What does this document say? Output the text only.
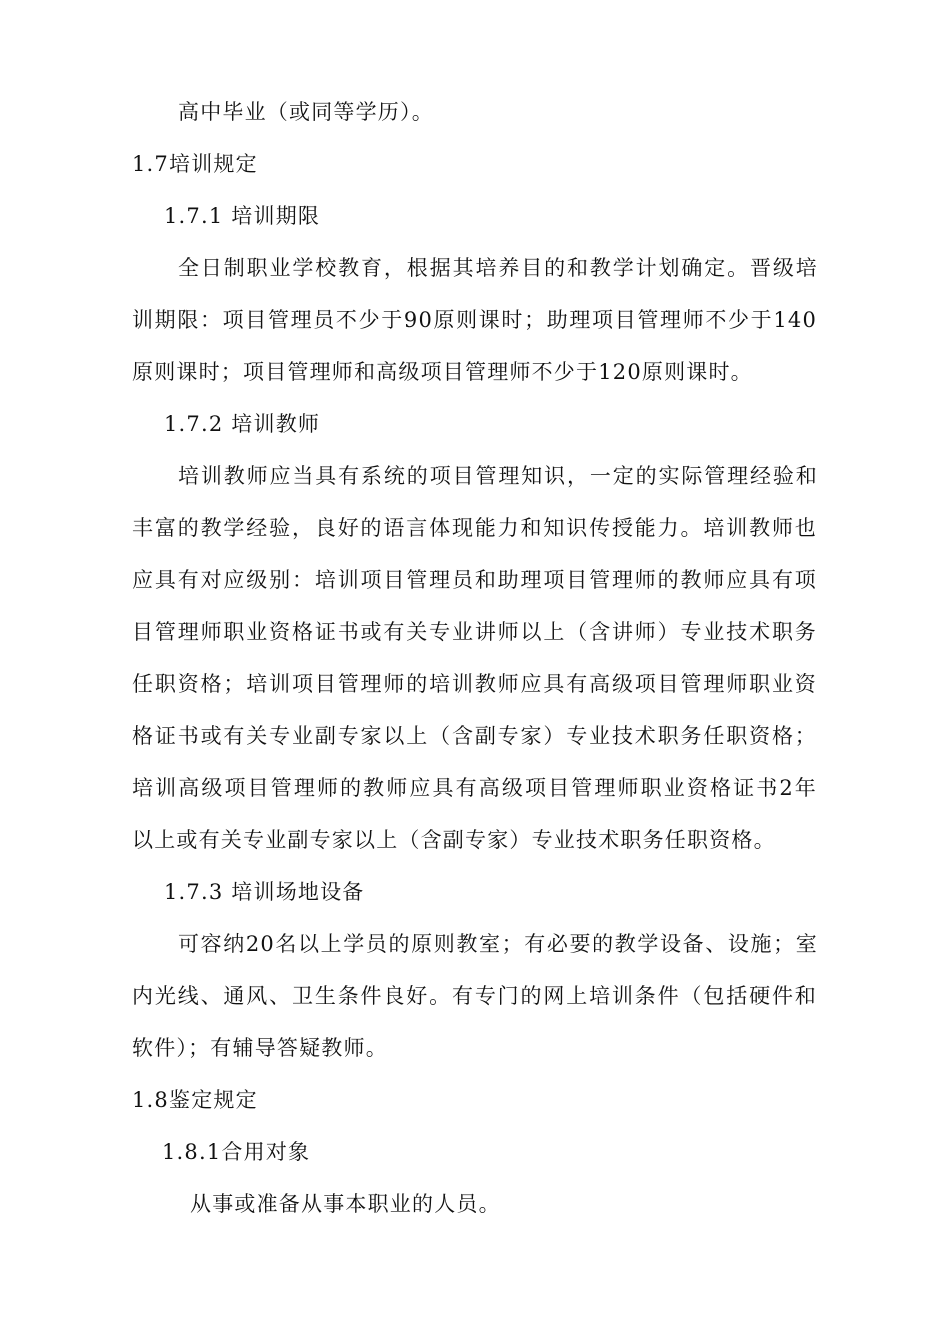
高中毕业（或同等学历）。
1.7培训规定
1.7.1 培训期限
全日制职业学校教育，根据其培养目的和教学计划确定。晋级培
训期限：项目管理员不少于90原则课时；助理项目管理师不少于140
原则课时；项目管理师和高级项目管理师不少于120原则课时。
1.7.2 培训教师
培训教师应当具有系统的项目管理知识，一定的实际管理经验和
丰富的教学经验，良好的语言体现能力和知识传授能力。培训教师也
应具有对应级别：培训项目管理员和助理项目管理师的教师应具有项
目管理师职业资格证书或有关专业讲师以上（含讲师）专业技术职务
任职资格；培训项目管理师的培训教师应具有高级项目管理师职业资
格证书或有关专业副专家以上（含副专家）专业技术职务任职资格；
培训高级项目管理师的教师应具有高级项目管理师职业资格证书2年
以上或有关专业副专家以上（含副专家）专业技术职务任职资格。
1.7.3 培训场地设备
可容纳20名以上学员的原则教室；有必要的教学设备、设施；室
内光线、通风、卫生条件良好。有专门的网上培训条件（包括硬件和
软件）；有辅导答疑教师。
1.8鉴定规定
1.8.1合用对象
从事或准备从事本职业的人员。
